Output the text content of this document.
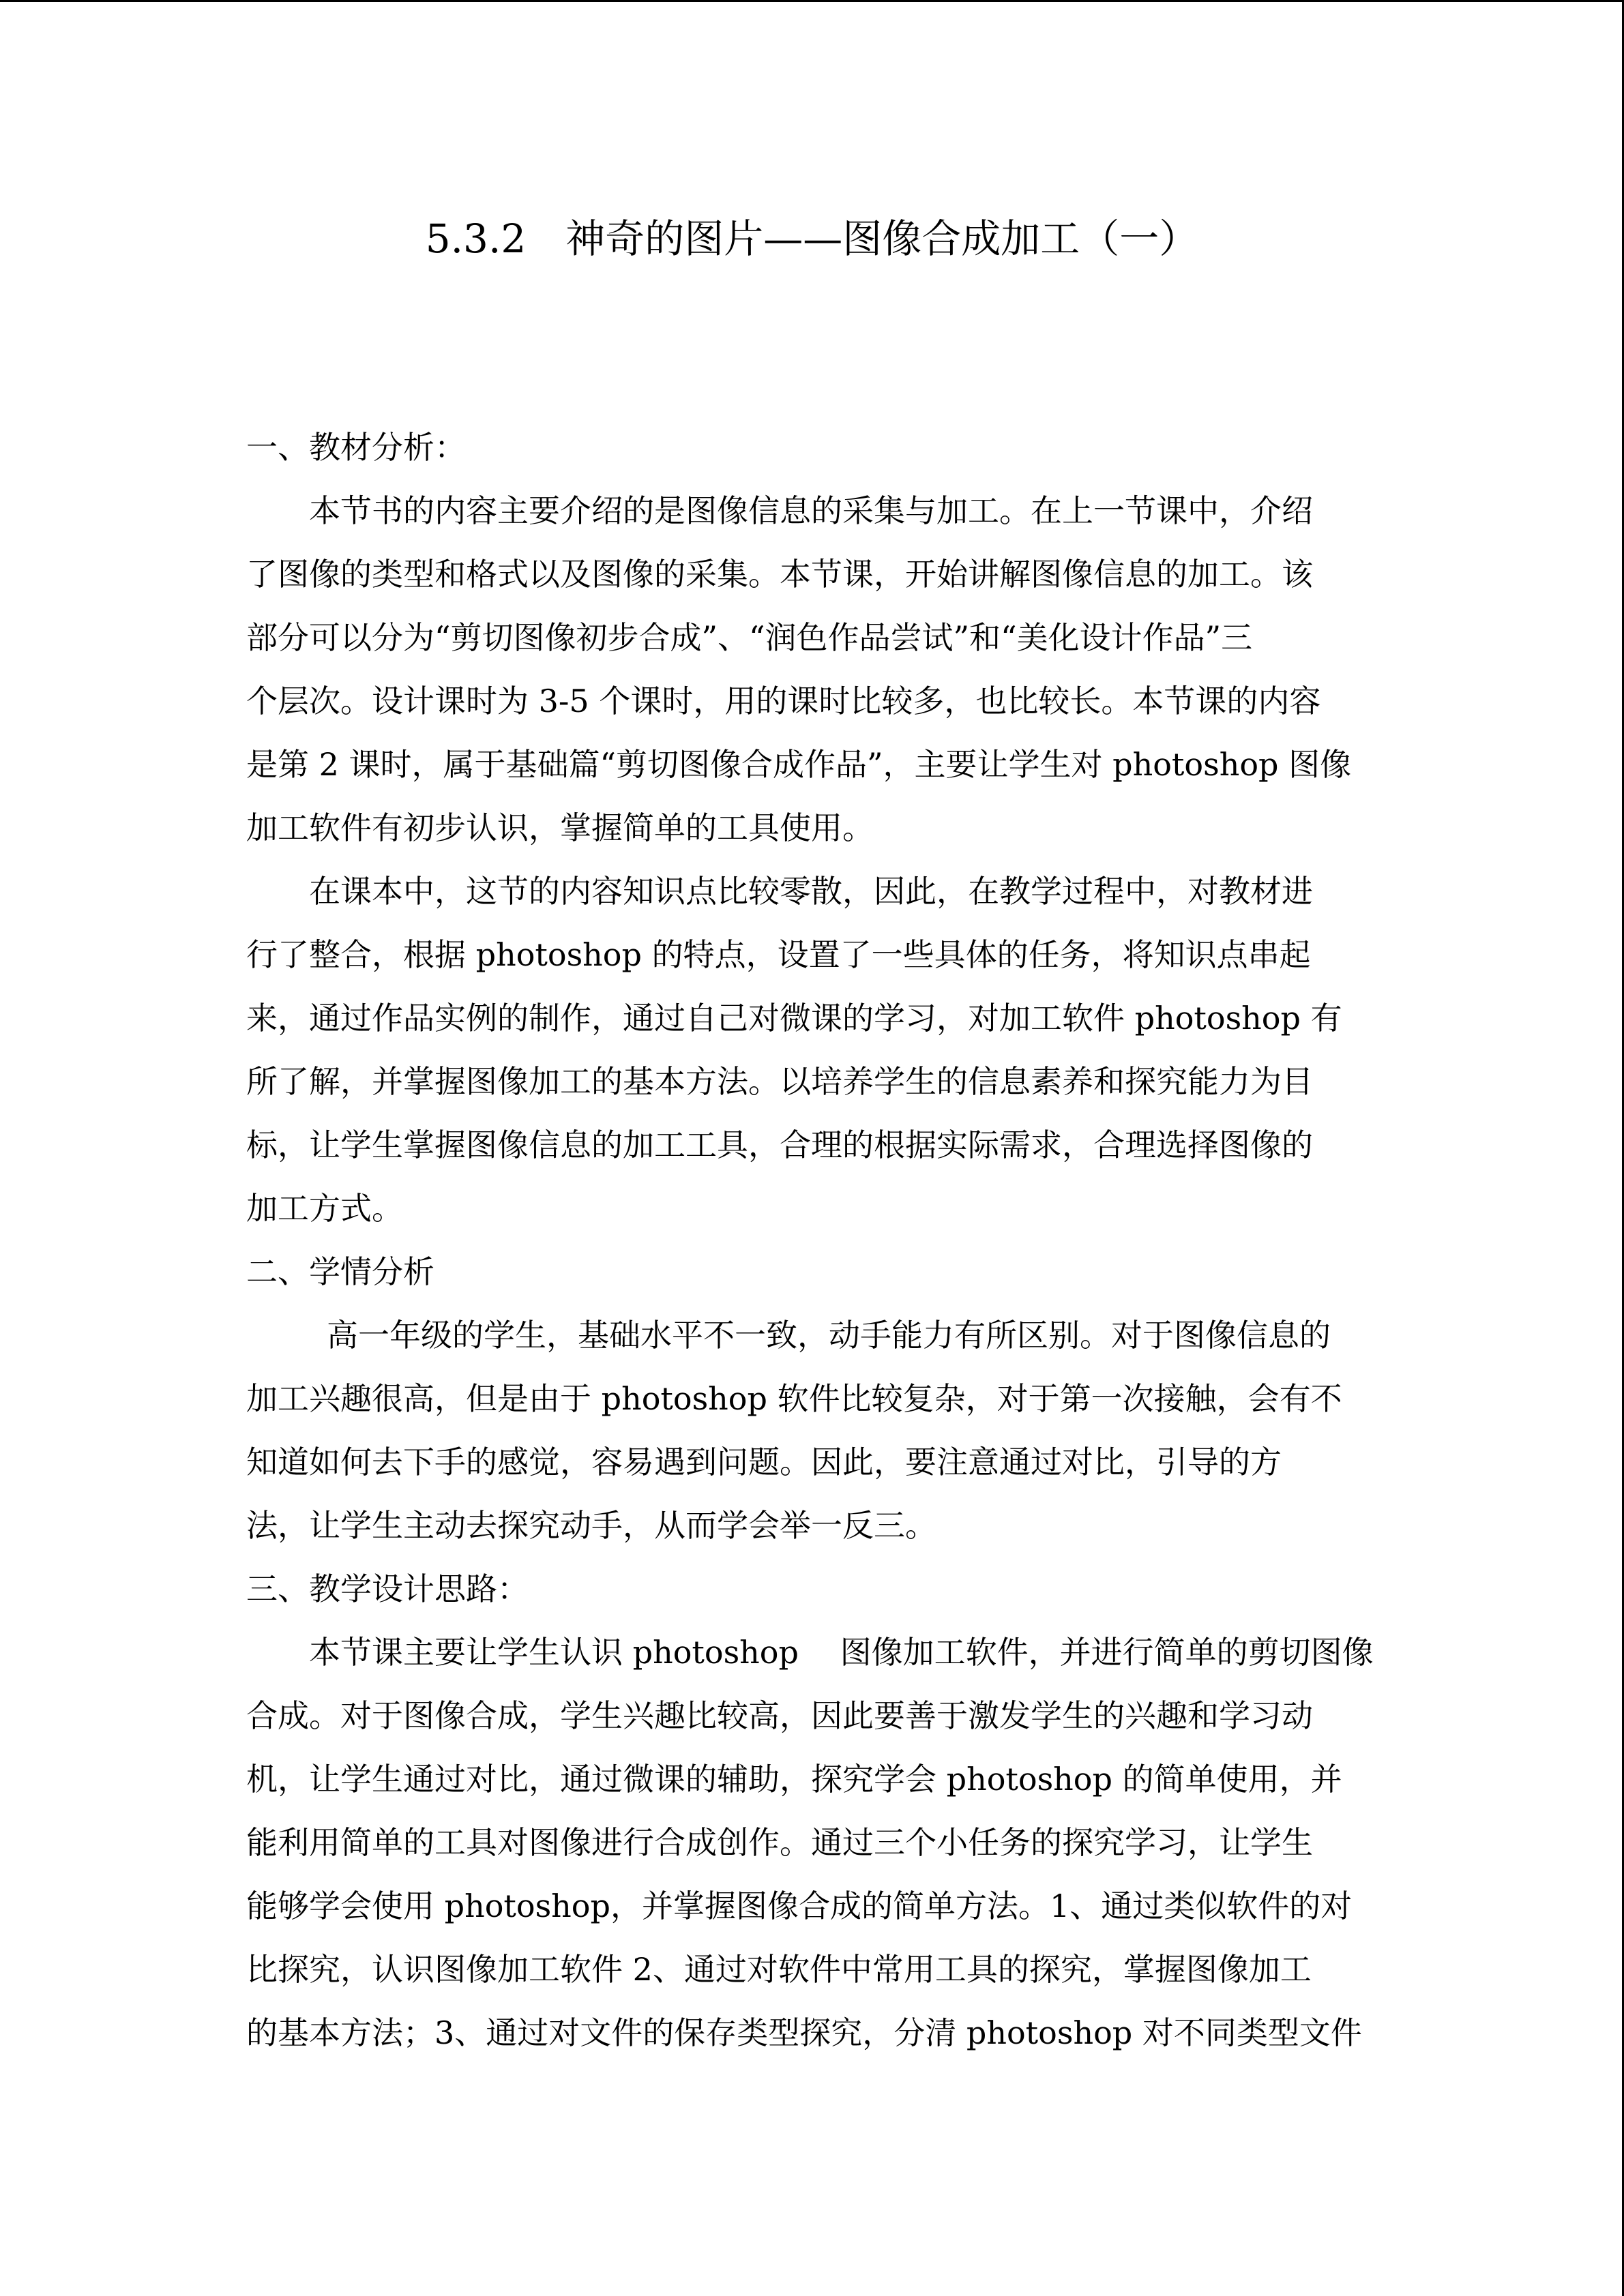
5.3.2　神奇的图片——图像合成加工（一）
一、教材分析：
本节书的内容主要介绍的是图像信息的采集与加工。在上一节课中，介绍
了图像的类型和格式以及图像的采集。本节课，开始讲解图像信息的加工。该
部分可以分为“剪切图像初步合成”、“润色作品尝试”和“美化设计作品”三
个层次。设计课时为 3-5 个课时，用的课时比较多，也比较长。本节课的内容
是第 2 课时，属于基础篇“剪切图像合成作品”，主要让学生对 photoshop 图像
加工软件有初步认识，掌握简单的工具使用。
在课本中，这节的内容知识点比较零散，因此，在教学过程中，对教材进
行了整合，根据 photoshop 的特点，设置了一些具体的任务，将知识点串起
来，通过作品实例的制作，通过自己对微课的学习，对加工软件 photoshop 有
所了解，并掌握图像加工的基本方法。以培养学生的信息素养和探究能力为目
标，让学生掌握图像信息的加工工具，合理的根据实际需求，合理选择图像的
加工方式。
二、学情分析
高一年级的学生，基础水平不一致，动手能力有所区别。对于图像信息的
加工兴趣很高，但是由于 photoshop 软件比较复杂，对于第一次接触，会有不
知道如何去下手的感觉，容易遇到问题。因此，要注意通过对比，引导的方
法，让学生主动去探究动手，从而学会举一反三。
三、教学设计思路：
本节课主要让学生认识 photoshop　 图像加工软件，并进行简单的剪切图像
合成。对于图像合成，学生兴趣比较高，因此要善于激发学生的兴趣和学习动
机，让学生通过对比，通过微课的辅助，探究学会 photoshop 的简单使用，并
能利用简单的工具对图像进行合成创作。通过三个小任务的探究学习，让学生
能够学会使用 photoshop，并掌握图像合成的简单方法。1、通过类似软件的对
比探究，认识图像加工软件 2、通过对软件中常用工具的探究，掌握图像加工
的基本方法；3、通过对文件的保存类型探究，分清 photoshop 对不同类型文件
